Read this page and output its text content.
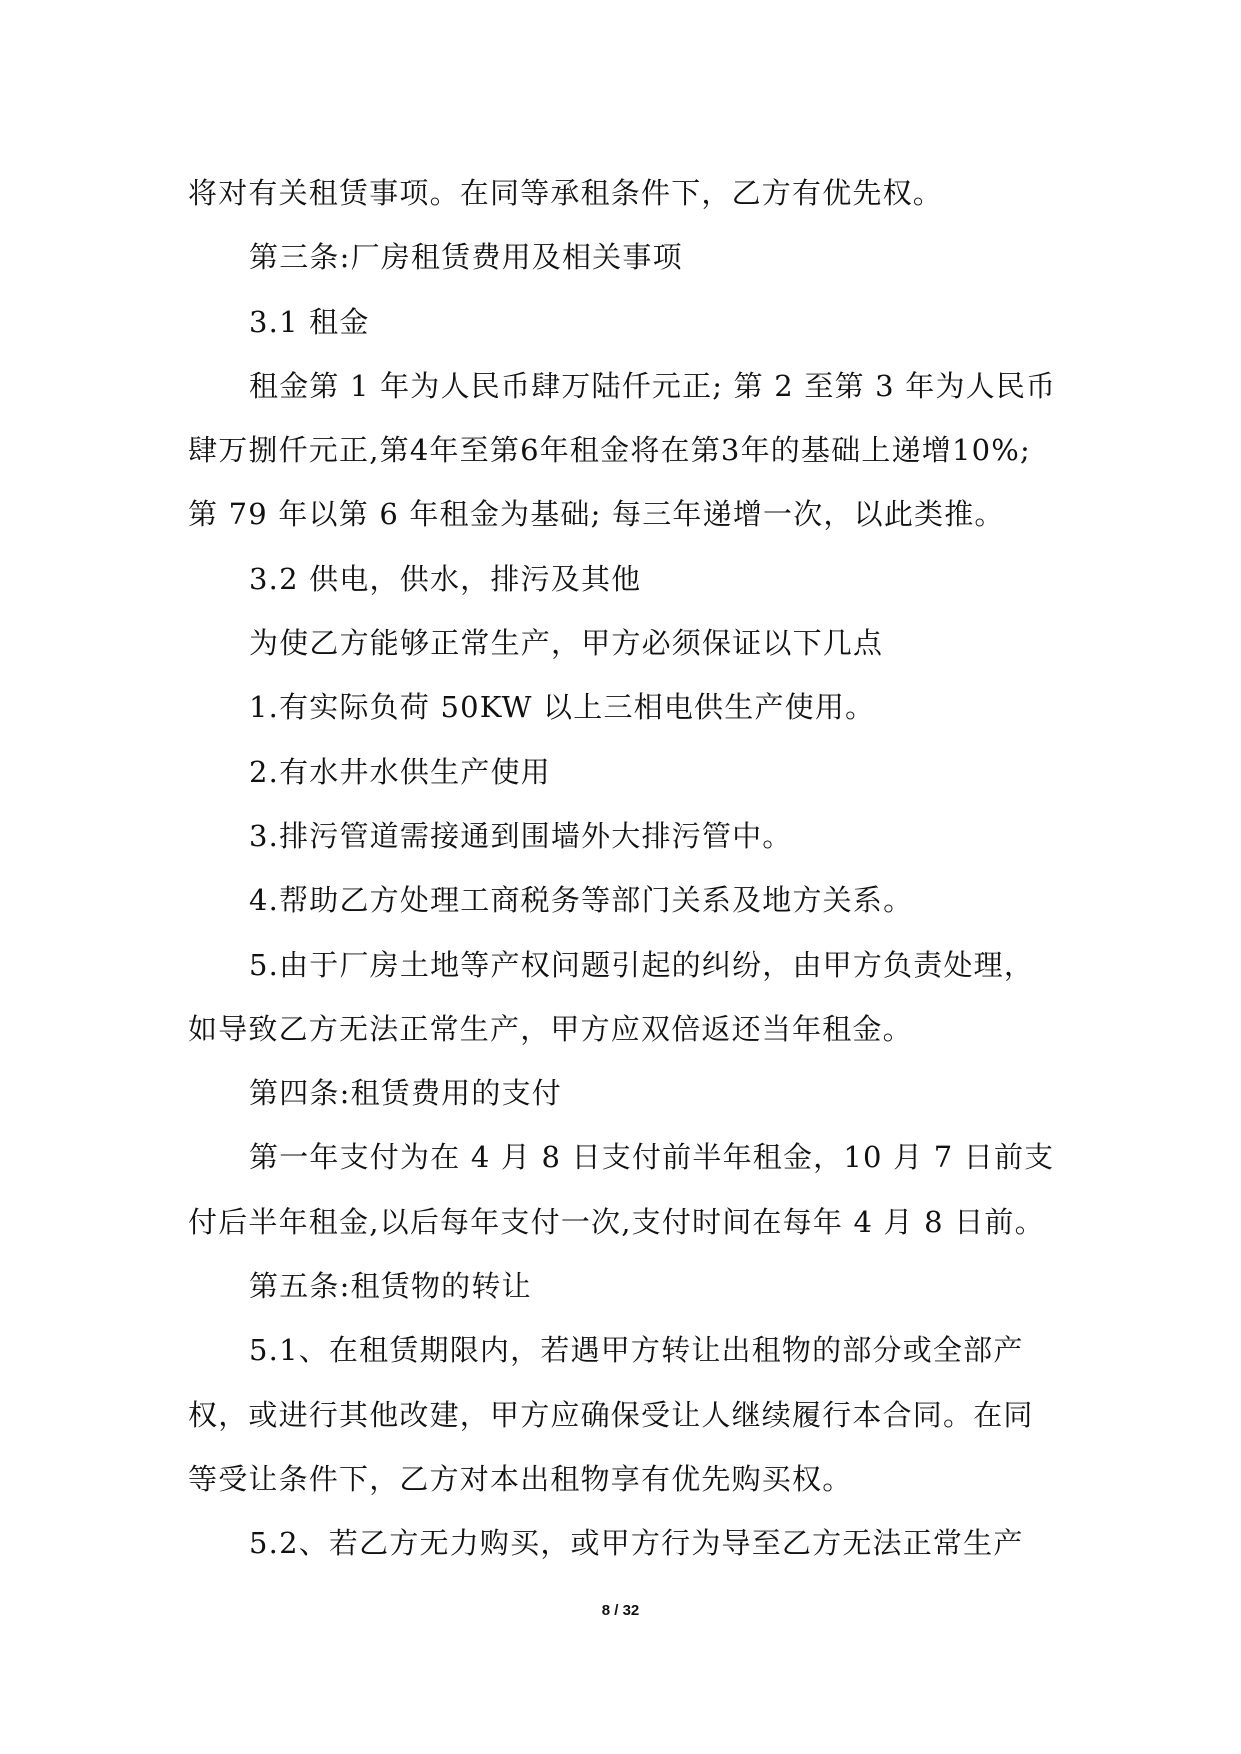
将对有关租赁事项。在同等承租条件下，乙方有优先权。
第三条:厂房租赁费用及相关事项
3.1 租金
租金第 1 年为人民币肆万陆仟元正; 第 2 至第 3 年为人民币
肆万捌仟元正,第4年至第6年租金将在第3年的基础上递增10%;
第 79 年以第 6 年租金为基础; 每三年递增一次，以此类推。
3.2 供电，供水，排污及其他
为使乙方能够正常生产，甲方必须保证以下几点
1.有实际负荷 50KW 以上三相电供生产使用。
2.有水井水供生产使用
3.排污管道需接通到围墙外大排污管中。
4.帮助乙方处理工商税务等部门关系及地方关系。
5.由于厂房土地等产权问题引起的纠纷，由甲方负责处理，
如导致乙方无法正常生产，甲方应双倍返还当年租金。
第四条:租赁费用的支付
第一年支付为在 4 月 8 日支付前半年租金，10 月 7 日前支
付后半年租金,以后每年支付一次,支付时间在每年 4 月 8 日前。
第五条:租赁物的转让
5.1、在租赁期限内，若遇甲方转让出租物的部分或全部产
权，或进行其他改建，甲方应确保受让人继续履行本合同。在同
等受让条件下，乙方对本出租物享有优先购买权。
5.2、若乙方无力购买，或甲方行为导至乙方无法正常生产
8 / 32
